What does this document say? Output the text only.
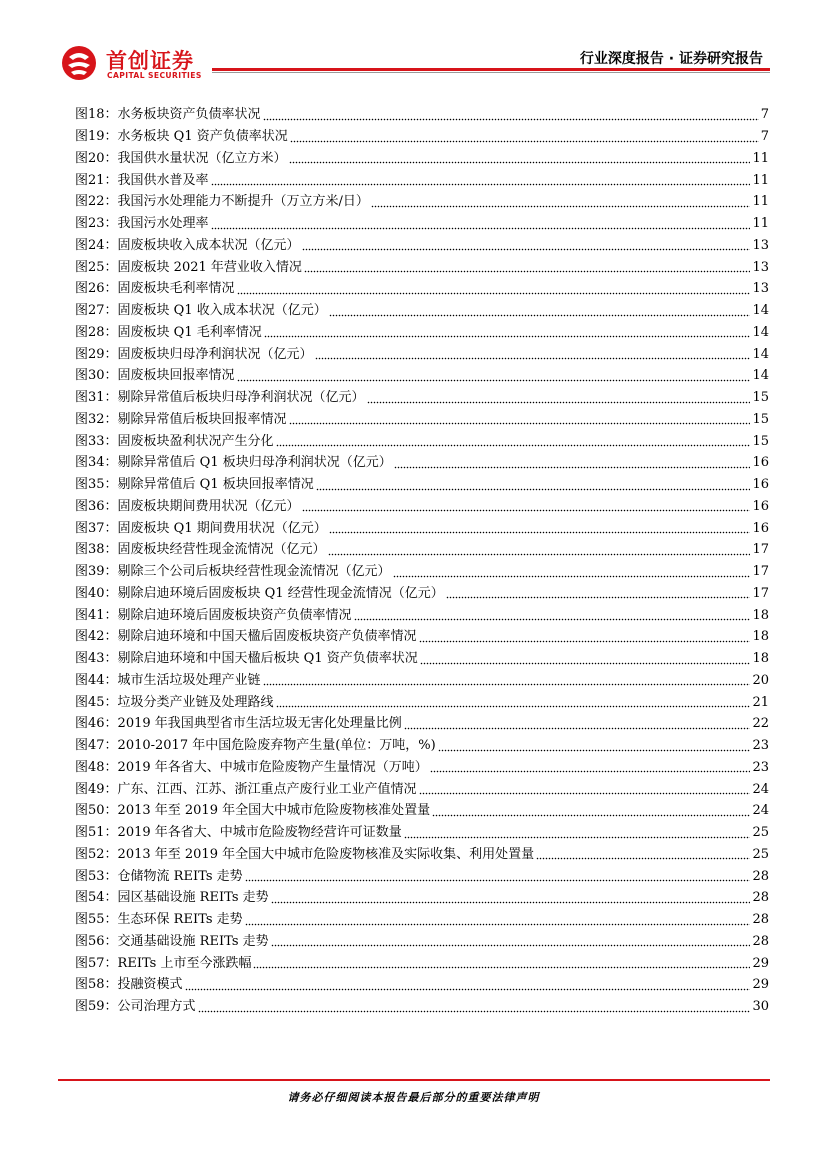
首创证券
CAPITAL SECURITIES
行业深度报告 · 证券研究报告
图18：水务板块资产负债率状况	7
图19：水务板块 Q1 资产负债率状况	7
图20：我国供水量状况（亿立方米）	11
图21：我国供水普及率	11
图22：我国污水处理能力不断提升（万立方米/日）	11
图23：我国污水处理率	11
图24：固废板块收入成本状况（亿元）	13
图25：固废板块 2021 年营业收入情况	13
图26：固废板块毛利率情况	13
图27：固废板块 Q1 收入成本状况（亿元）	14
图28：固废板块 Q1 毛利率情况	14
图29：固废板块归母净利润状况（亿元）	14
图30：固废板块回报率情况	14
图31：剔除异常值后板块归母净利润状况（亿元）	15
图32：剔除异常值后板块回报率情况	15
图33：固废板块盈利状况产生分化	15
图34：剔除异常值后 Q1 板块归母净利润状况（亿元）	16
图35：剔除异常值后 Q1 板块回报率情况	16
图36：固废板块期间费用状况（亿元）	16
图37：固废板块 Q1 期间费用状况（亿元）	16
图38：固废板块经营性现金流情况（亿元）	17
图39：剔除三个公司后板块经营性现金流情况（亿元）	17
图40：剔除启迪环境后固废板块 Q1 经营性现金流情况（亿元）	17
图41：剔除启迪环境后固废板块资产负债率情况	18
图42：剔除启迪环境和中国天楹后固废板块资产负债率情况	18
图43：剔除启迪环境和中国天楹后板块 Q1 资产负债率状况	18
图44：城市生活垃圾处理产业链	20
图45：垃圾分类产业链及处理路线	21
图46：2019 年我国典型省市生活垃圾无害化处理量比例	22
图47：2010-2017 年中国危险废弃物产生量(单位：万吨，%)	23
图48：2019 年各省大、中城市危险废物产生量情况（万吨）	23
图49：广东、江西、江苏、浙江重点产废行业工业产值情况	24
图50：2013 年至 2019 年全国大中城市危险废物核准处置量	24
图51：2019 年各省大、中城市危险废物经营许可证数量	25
图52：2013 年至 2019 年全国大中城市危险废物核准及实际收集、利用处置量	25
图53：仓储物流 REITs 走势	28
图54：园区基础设施 REITs 走势	28
图55：生态环保 REITs 走势	28
图56：交通基础设施 REITs 走势	28
图57：REITs 上市至今涨跌幅	29
图58：投融资模式	29
图59：公司治理方式	30
请务必仔细阅读本报告最后部分的重要法律声明
